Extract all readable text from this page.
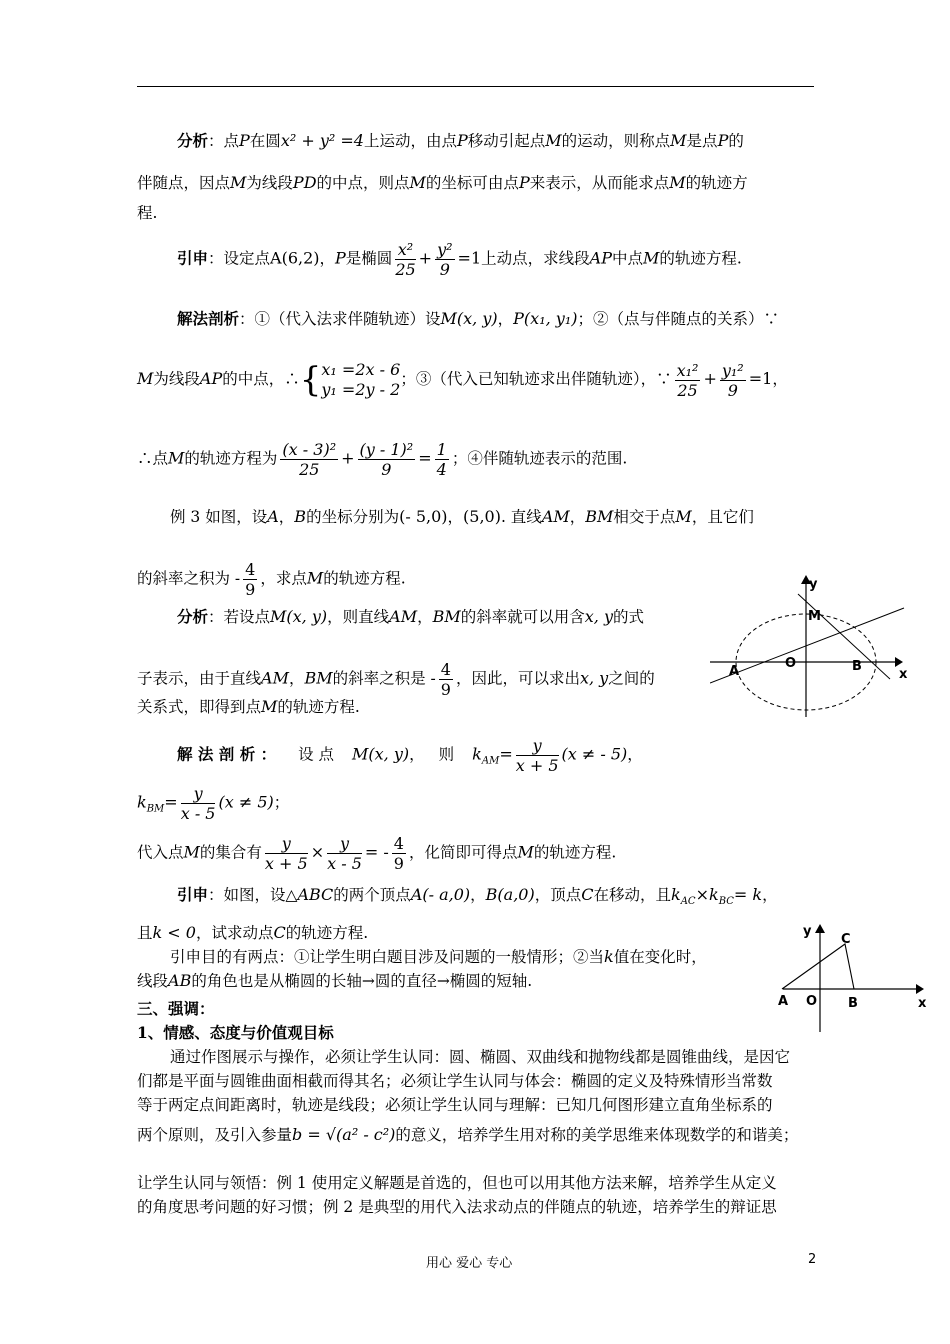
分析：点P在圆x² + y² =4上运动，由点P移动引起点M的运动，则称点M是点P的
伴随点，因点M为线段PD的中点，则点M的坐标可由点P来表示，从而能求点M的轨迹方
程.
引申：设定点A(6,2)，P是椭圆 $\frac{\text{x²}}{25} + \frac{\text{y²}}{9} =1$上动点，求线段AP中点M的轨迹方程.
解法剖析：①（代入法求伴随轨迹）设M(x, y)，P(x₁, y₁)；②（点与伴随点的关系）∵
M为线段AP的中点，∴{ x₁ =2x - 6
y₁ =2y - 2
；③（代入已知轨迹求出伴随轨迹），∵ $\frac{\text{x₁²}}{25} + \frac{\text{y₁²}}{9} =1$，
∴点M的轨迹方程为 $\frac{\text{(x - 3)²}}{25} + \frac{\text{(y - 1)²}}{9} = \frac{1}{4}$ ；④伴随轨迹表示的范围.
例 3 如图，设A，B的坐标分别为(- 5,0)，(5,0). 直线AM，BM相交于点M，且它们
的斜率之积为 - $\frac{4}{9}$ ，求点M的轨迹方程.
分析：若设点M(x, y)，则直线AM，BM的斜率就可以用含x, y的式
子表示，由于直线AM，BM的斜率之积是 - $\frac{4}{9}$ ，因此，可以求出x, y之间的
关系式，即得到点M的轨迹方程.
y
x
M
A
O	B
解 法 剖 析 ： 设 点 M(x, y)， 则 $k_{AM}= \frac{y}{x + 5} (x$ ≠ - 5)，
$k_{BM}= \frac{y}{x - 5} (x \ne 5)$；
代入点M的集合有 $\frac{y}{x + 5} \times \frac{y}{x - 5}$ = - $\frac{4}{9}$ ，化简即可得点M的轨迹方程.
引申：如图，设△ABC的两个顶点A(- a,0)，B(a,0)，顶点C在移动，且$k_{AC}\times k_{BC}= k$，
且k < 0，试求动点C的轨迹方程.
引申目的有两点：①让学生明白题目涉及问题的一般情形；②当k值在变化时，
线段AB的角色也是从椭圆的长轴→圆的直径→椭圆的短轴.
y
x
C
A O B
三、强调：
1、情感、态度与价值观目标
通过作图展示与操作，必须让学生认同：圆、椭圆、双曲线和抛物线都是圆锥曲线，是因它
们都是平面与圆锥曲面相截而得其名；必须让学生认同与体会：椭圆的定义及特殊情形当常数
等于两定点间距离时，轨迹是线段；必须让学生认同与理解：已知几何图形建立直角坐标系的
两个原则，及引入参量b = √(a² - c²)的意义，培养学生用对称的美学思维来体现数学的和谐美；
让学生认同与领悟：例 1 使用定义解题是首选的，但也可以用其他方法来解，培养学生从定义
的角度思考问题的好习惯；例 2 是典型的用代入法求动点的伴随点的轨迹，培养学生的辩证思
用心 爱心 专心	2
